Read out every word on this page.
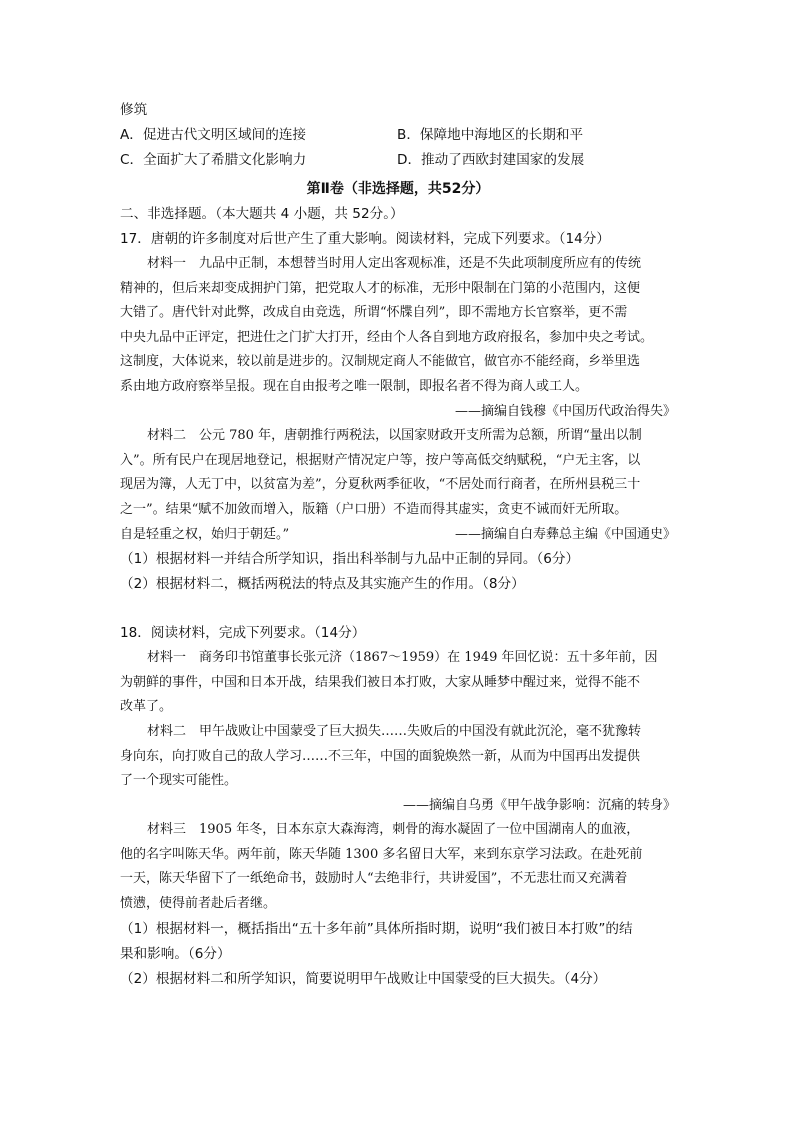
修筑

A．促进古代文明区域间的连接	B．保障地中海地区的长期和平
C．全面扩大了希腊文化影响力	D．推动了西欧封建国家的发展
第Ⅱ卷（非选择题，共52分）

二、非选择题。（本大题共 4 小题，共 52分。）

17．唐朝的许多制度对后世产生了重大影响。阅读材料，完成下列要求。（14分）

材料一　九品中正制，本想替当时用人定出客观标准，还是不失此项制度所应有的传统

精神的，但后来却变成拥护门第，把党取人才的标准，无形中限制在门第的小范围内，这便

大错了。唐代针对此弊，改成自由竞选，所谓“怀牒自列”，即不需地方长官察举，更不需

中央九品中正评定，把进仕之门扩大打开，经由个人各自到地方政府报名，参加中央之考试。

这制度，大体说来，较以前是进步的。汉制规定商人不能做官，做官亦不能经商，乡举里选

系由地方政府察举呈报。现在自由报考之唯一限制，即报名者不得为商人或工人。

——摘编自钱穆《中国历代政治得失》

材料二　公元 780 年，唐朝推行两税法，以国家财政开支所需为总额，所谓“量出以制

入”。所有民户在现居地登记，根据财产情况定户等，按户等高低交纳赋税，“户无主客，以

现居为簿，人无丁中，以贫富为差”，分夏秋两季征收，“不居处而行商者，在所州县税三十

之一”。结果“赋不加敛而增入，版籍（户口册）不造而得其虚实，贪吏不诫而奸无所取。

自是轻重之权，始归于朝廷。”	——摘编自白寿彝总主编《中国通史》

（1）根据材料一并结合所学知识，指出科举制与九品中正制的异同。（6分）

（2）根据材料二，概括两税法的特点及其实施产生的作用。（8分）

18．阅读材料，完成下列要求。（14分）

材料一　商务印书馆董事长张元济（1867～1959）在 1949 年回忆说：五十多年前，因

为朝鲜的事件，中国和日本开战，结果我们被日本打败，大家从睡梦中醒过来，觉得不能不

改革了。

材料二　甲午战败让中国蒙受了巨大损失……失败后的中国没有就此沉沦，毫不犹豫转

身向东，向打败自己的敌人学习……不三年，中国的面貌焕然一新，从而为中国再出发提供

了一个现实可能性。

——摘编自乌勇《甲午战争影响：沉痛的转身》

材料三　1905 年冬，日本东京大森海湾，刺骨的海水凝固了一位中国湖南人的血液，

他的名字叫陈天华。两年前，陈天华随 1300 多名留日大军，来到东京学习法政。在赴死前

一天，陈天华留下了一纸绝命书，鼓励时人“去绝非行，共讲爱国”，不无悲壮而又充满着

愤懑，使得前者赴后者继。

（1）根据材料一，概括指出“五十多年前”具体所指时期，说明“我们被日本打败”的结

果和影响。（6分）

（2）根据材料二和所学知识，简要说明甲午战败让中国蒙受的巨大损失。（4分）
